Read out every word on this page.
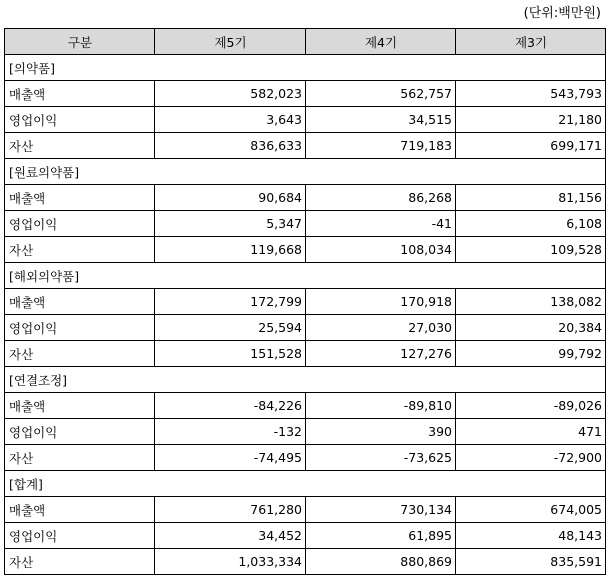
(단위:백만원)
구분	제5기	제4기	제3기
[의약품]			
매출액	582,023	562,757	543,793
영업이익	3,643	34,515	21,180
자산	836,633	719,183	699,171
[원료의약품]			
매출액	90,684	86,268	81,156
영업이익	5,347	-41	6,108
자산	119,668	108,034	109,528
[해외의약품]			
매출액	172,799	170,918	138,082
영업이익	25,594	27,030	20,384
자산	151,528	127,276	99,792
[연결조정]			
매출액	-84,226	-89,810	-89,026
영업이익	-132	390	471
자산	-74,495	-73,625	-72,900
[합계]			
매출액	761,280	730,134	674,005
영업이익	34,452	61,895	48,143
자산	1,033,334	880,869	835,591
